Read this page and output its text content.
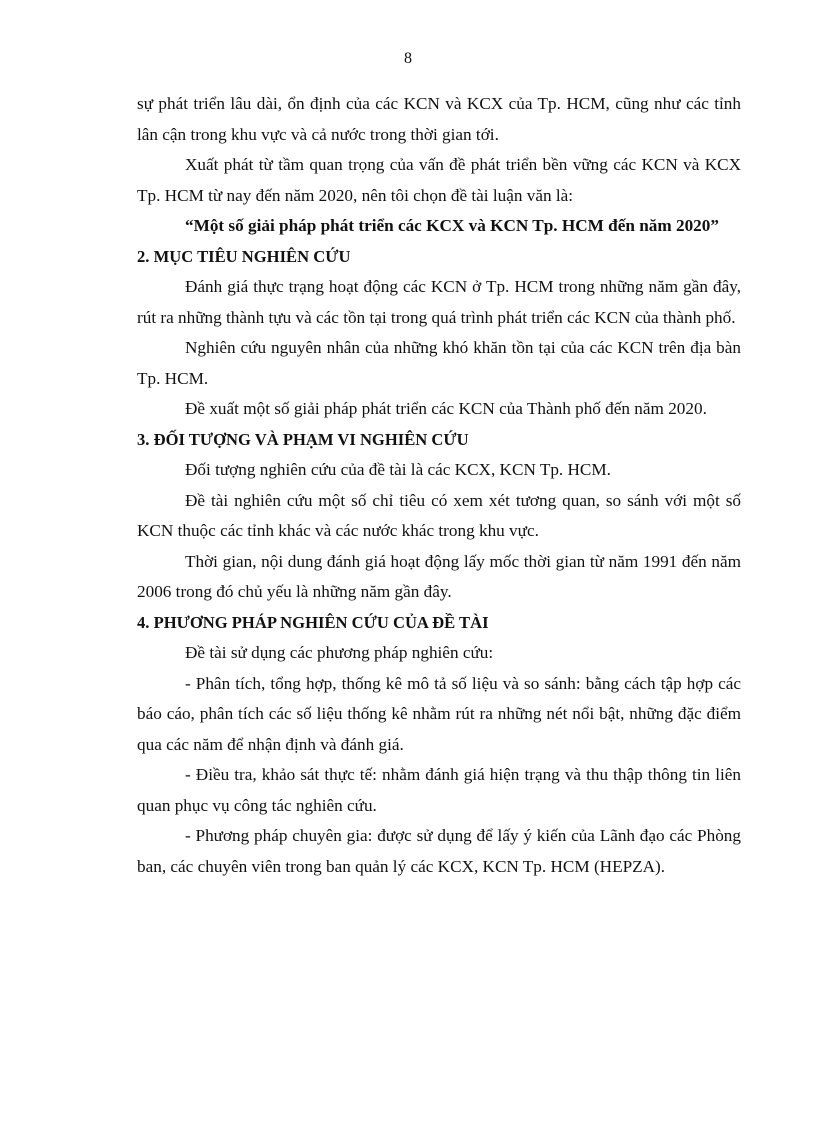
8

sự phát triển lâu dài, ổn định của các KCN và KCX của Tp. HCM, cũng như các tỉnh lân cận trong khu vực và cả nước trong thời gian tới.

Xuất phát từ tầm quan trọng của vấn đề phát triển bền vững các KCN và KCX Tp. HCM từ nay đến năm 2020, nên tôi chọn đề tài luận văn là:

“Một số giải pháp phát triển các KCX và KCN Tp. HCM đến năm 2020”

2. MỤC TIÊU NGHIÊN CỨU

Đánh giá thực trạng hoạt động các KCN ở Tp. HCM trong những năm gần đây, rút ra những thành tựu và các tồn tại trong quá trình phát triển các KCN của thành phố.

Nghiên cứu nguyên nhân của những khó khăn tồn tại của các KCN trên địa bàn Tp. HCM.

Đề xuất một số giải pháp phát triển các KCN của Thành phố đến năm 2020.

3. ĐỐI TƯỢNG VÀ PHẠM VI NGHIÊN CỨU

Đối tượng nghiên cứu của đề tài là các KCX, KCN Tp. HCM.

Đề tài nghiên cứu một số chỉ tiêu có xem xét tương quan, so sánh với một số KCN thuộc các tỉnh khác và các nước khác trong khu vực.

Thời gian, nội dung đánh giá hoạt động lấy mốc thời gian từ năm 1991 đến năm 2006 trong đó chủ yếu là những năm gần đây.

4. PHƯƠNG PHÁP NGHIÊN CỨU CỦA ĐỀ TÀI

Đề tài sử dụng các phương pháp nghiên cứu:

- Phân tích, tổng hợp, thống kê mô tả số liệu và so sánh: bằng cách tập hợp các báo cáo, phân tích các số liệu thống kê nhằm rút ra những nét nổi bật, những đặc điểm qua các năm để nhận định và đánh giá.

- Điều tra, khảo sát thực tế: nhằm đánh giá hiện trạng và thu thập thông tin liên quan phục vụ công tác nghiên cứu.

- Phương pháp chuyên gia: được sử dụng để lấy ý kiến của Lãnh đạo các Phòng ban, các chuyên viên trong ban quản lý các KCX, KCN Tp. HCM (HEPZA).
